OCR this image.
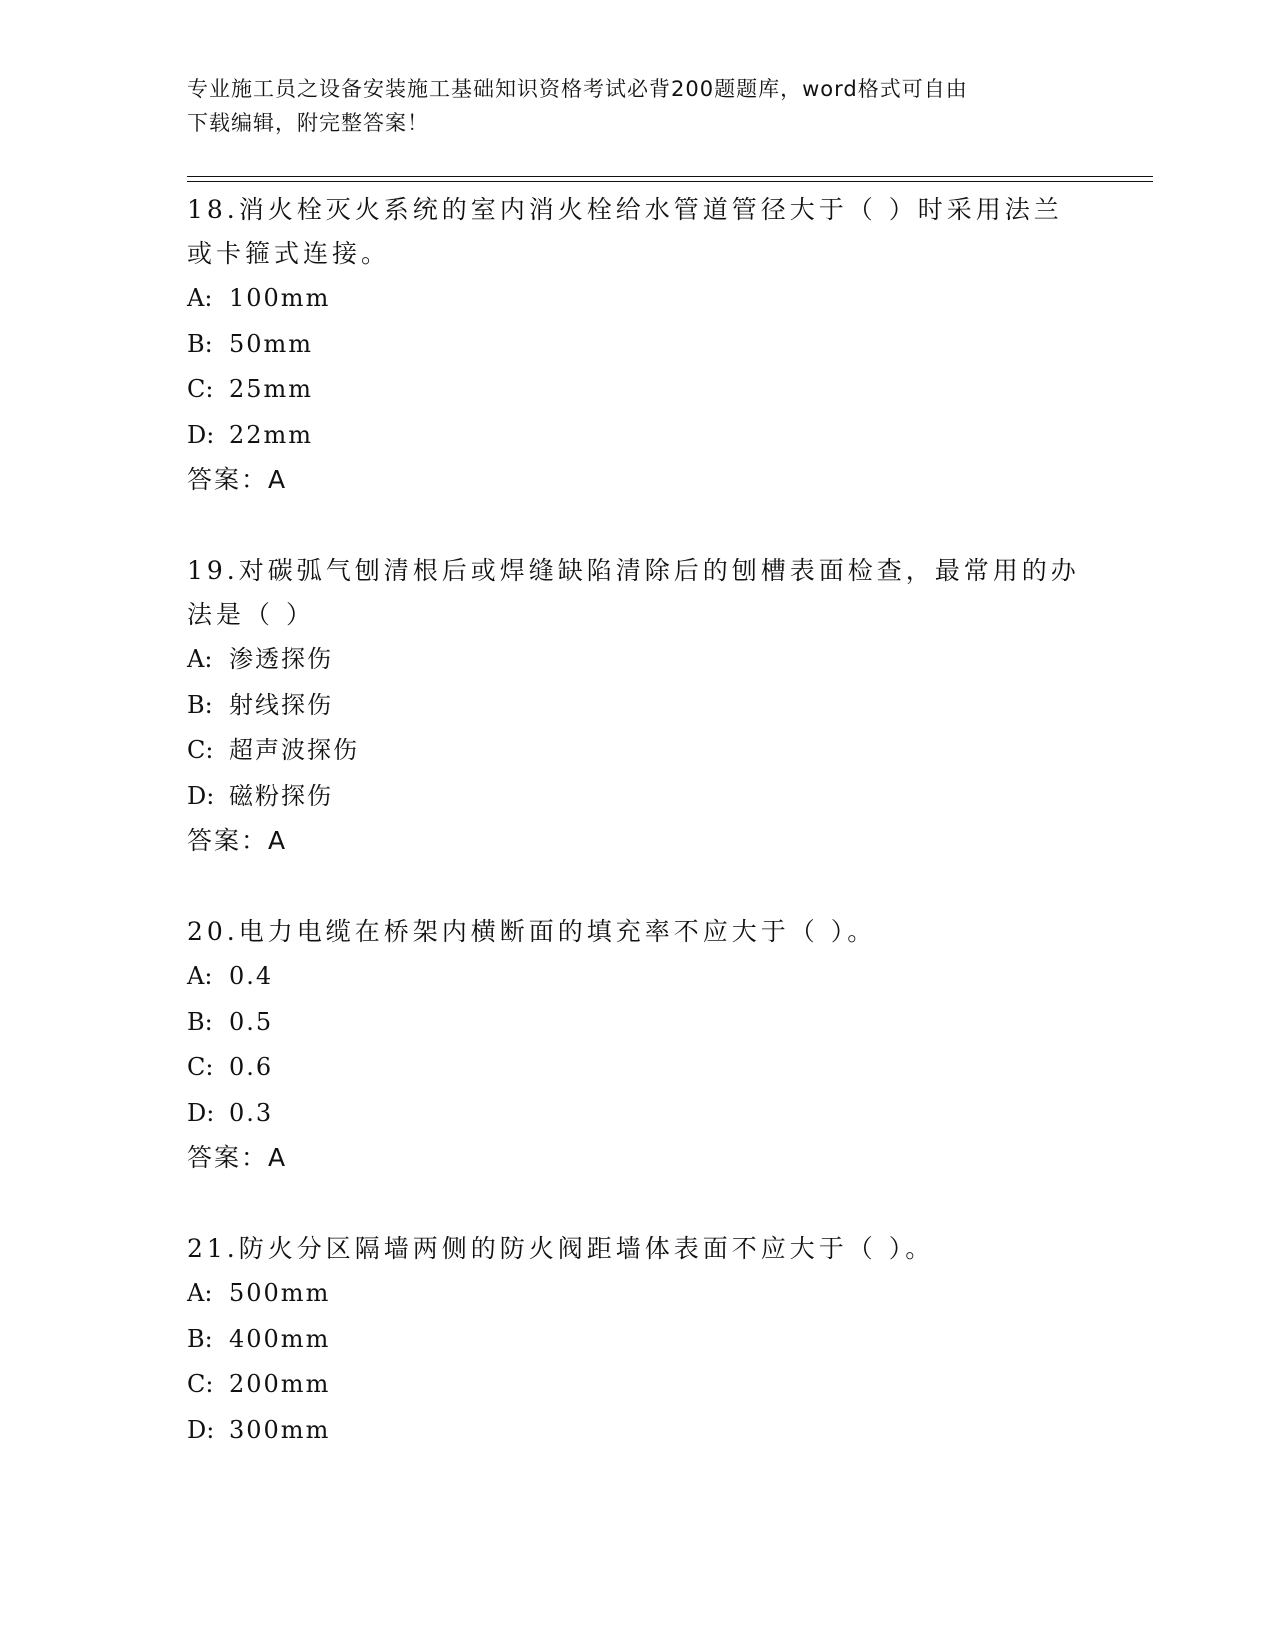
专业施工员之设备安装施工基础知识资格考试必背200题题库，word格式可自由
下载编辑，附完整答案！

18.消火栓灭火系统的室内消火栓给水管道管径大于（ ）时采用法兰

或卡箍式连接。

A: 100mm

B: 50mm

C: 25mm

D: 22mm

答案：A

19.对碳弧气刨清根后或焊缝缺陷清除后的刨槽表面检查，最常用的办

法是（ ）

A: 渗透探伤

B: 射线探伤

C: 超声波探伤

D: 磁粉探伤

答案：A

20.电力电缆在桥架内横断面的填充率不应大于（ ）。

A: 0.4

B: 0.5

C: 0.6

D: 0.3

答案：A

21.防火分区隔墙两侧的防火阀距墙体表面不应大于（ ）。

A: 500mm

B: 400mm

C: 200mm

D: 300mm
